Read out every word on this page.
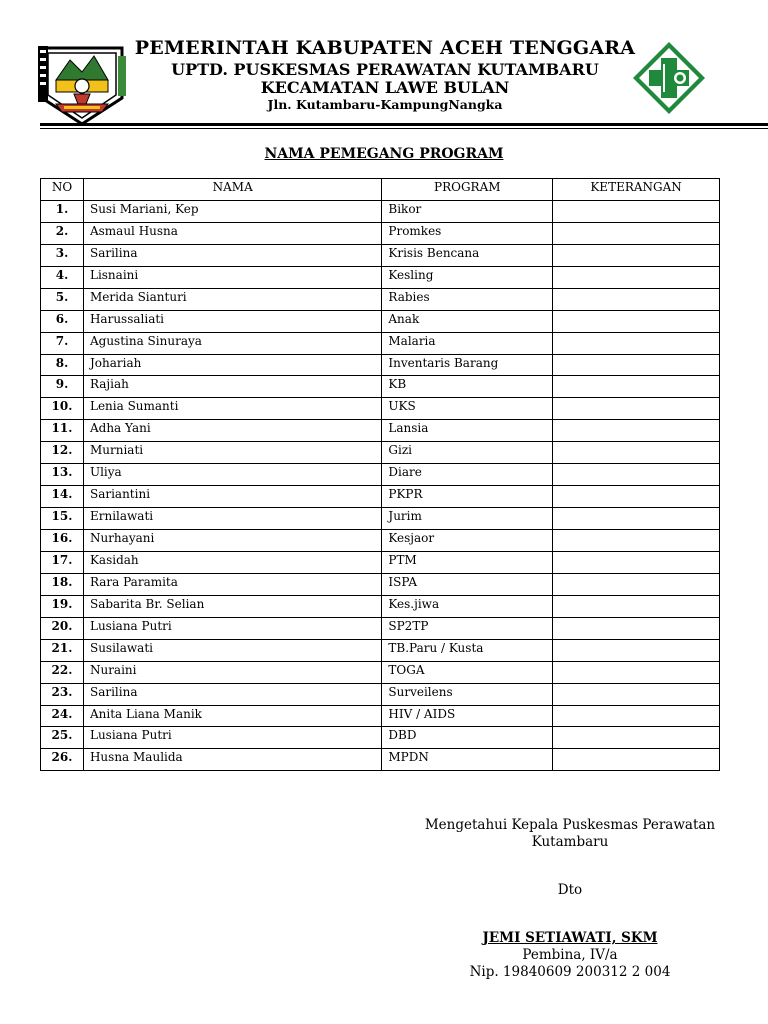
PEMERINTAH KABUPATEN ACEH TENGGARA
UPTD. PUSKESMAS PERAWATAN KUTAMBARU
KECAMATAN LAWE BULAN
Jln. Kutambaru-KampungNangka
NAMA PEMEGANG PROGRAM
NO	NAMA	PROGRAM	KETERANGAN
1.	Susi Mariani, Kep	Bikor	
2.	Asmaul Husna	Promkes	
3.	Sarilina	Krisis Bencana	
4.	Lisnaini	Kesling	
5.	Merida Sianturi	Rabies	
6.	Harussaliati	Anak	
7.	Agustina Sinuraya	Malaria	
8.	Johariah	Inventaris Barang	
9.	Rajiah	KB	
10.	Lenia Sumanti	UKS	
11.	Adha Yani	Lansia	
12.	Murniati	Gizi	
13.	Uliya	Diare	
14.	Sariantini	PKPR	
15.	Ernilawati	Jurim	
16.	Nurhayani	Kesjaor	
17.	Kasidah	PTM	
18.	Rara Paramita	ISPA	
19.	Sabarita Br. Selian	Kes.jiwa	
20.	Lusiana Putri	SP2TP	
21.	Susilawati	TB.Paru / Kusta	
22.	Nuraini	TOGA	
23.	Sarilina	Surveilens	
24.	Anita Liana Manik	HIV / AIDS	
25.	Lusiana Putri	DBD	
26.	Husna Maulida	MPDN	
Mengetahui Kepala Puskesmas Perawatan
Kutambaru
Dto
JEMI SETIAWATI, SKM
Pembina, IV/a
Nip. 19840609 200312 2 004
